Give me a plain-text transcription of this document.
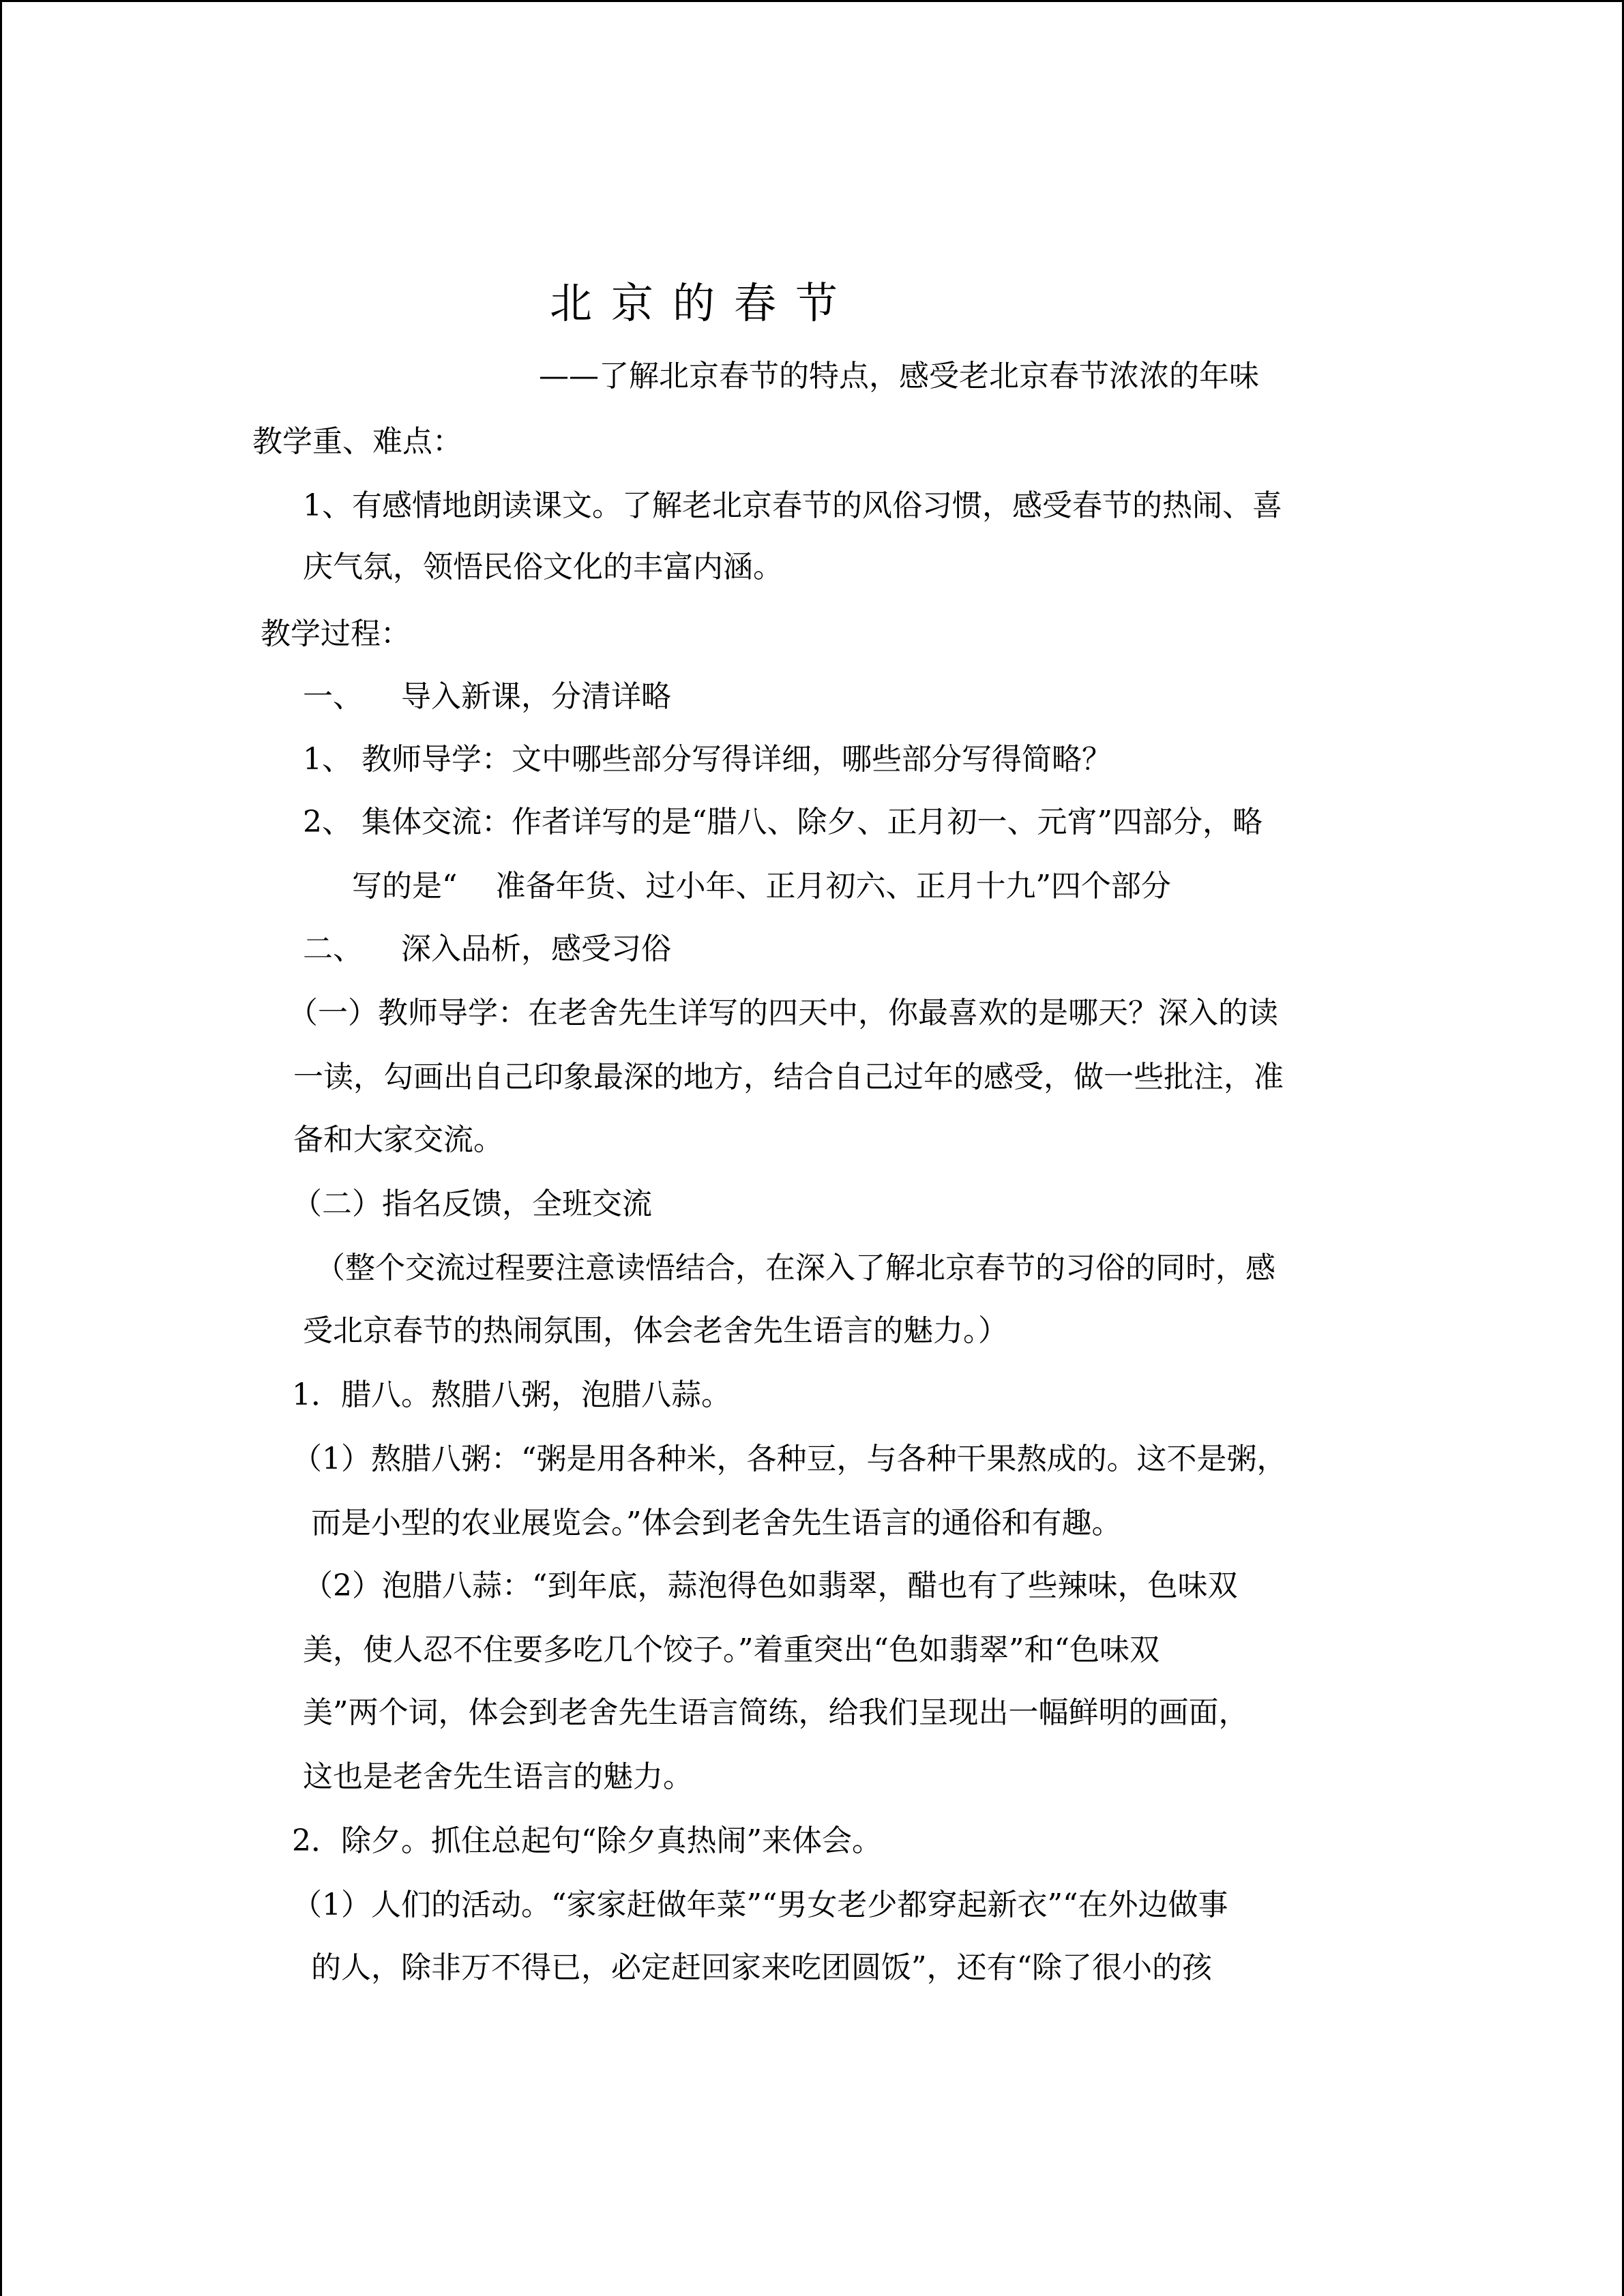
北京的春节
——了解北京春节的特点，感受老北京春节浓浓的年味
教学重、难点：
1、有感情地朗读课文。了解老北京春节的风俗习惯，感受春节的热闹、喜
庆气氛，领悟民俗文化的丰富内涵。
教学过程：
一、    导入新课，分清详略
1、 教师导学：文中哪些部分写得详细，哪些部分写得简略？
2、 集体交流：作者详写的是“腊八、除夕、正月初一、元宵”四部分，略
写的是“    准备年货、过小年、正月初六、正月十九”四个部分
二、    深入品析，感受习俗
（一）教师导学：在老舍先生详写的四天中，你最喜欢的是哪天？深入的读
一读，勾画出自己印象最深的地方，结合自己过年的感受，做一些批注，准
备和大家交流。
（二）指名反馈，全班交流
（整个交流过程要注意读悟结合，在深入了解北京春节的习俗的同时，感
受北京春节的热闹氛围，体会老舍先生语言的魅力。）
1．腊八。熬腊八粥，泡腊八蒜。
（1）熬腊八粥：“粥是用各种米，各种豆，与各种干果熬成的。这不是粥，
而是小型的农业展览会。”体会到老舍先生语言的通俗和有趣。
（2）泡腊八蒜：“到年底，蒜泡得色如翡翠，醋也有了些辣味，色味双
美，使人忍不住要多吃几个饺子。”着重突出“色如翡翠”和“色味双
美”两个词，体会到老舍先生语言简练，给我们呈现出一幅鲜明的画面，
这也是老舍先生语言的魅力。
2．除夕。抓住总起句“除夕真热闹”来体会。
（1）人们的活动。“家家赶做年菜”“男女老少都穿起新衣”“在外边做事
的人，除非万不得已，必定赶回家来吃团圆饭”，还有“除了很小的孩
